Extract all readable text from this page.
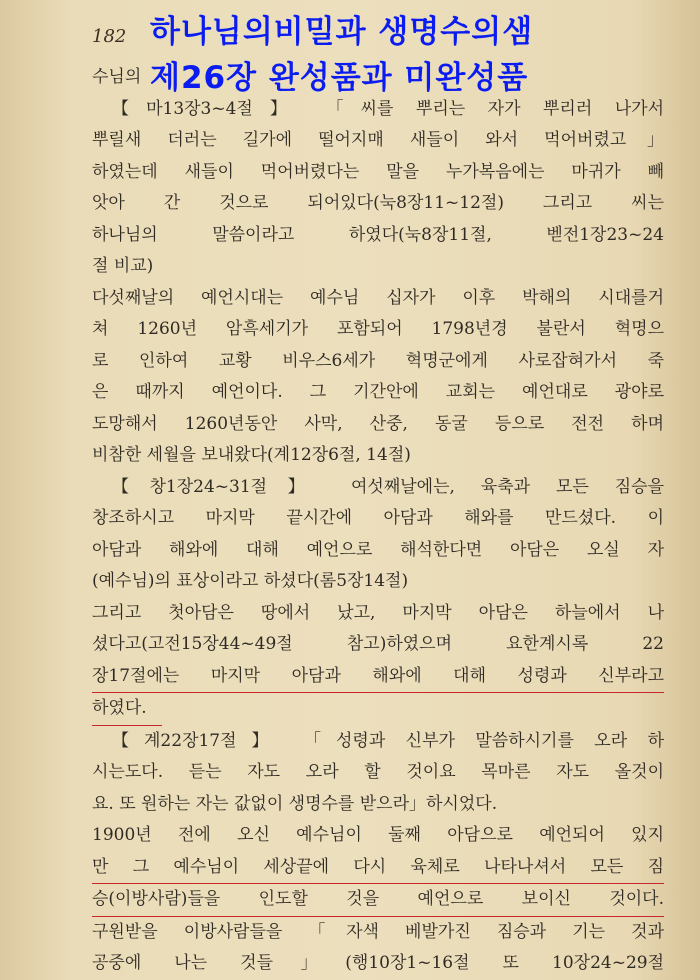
182 하나님의비밀과 생명수의샘
제26장 완성품과 미완성품
수님의
【마13장3~4절】 「씨를 뿌리는 자가 뿌리러 나가서
뿌릴새 더러는 길가에 떨어지매 새들이 와서 먹어버렸고」
하였는데 새들이 먹어버렸다는 말을 누가복음에는 마귀가 빼
앗아 간 것으로 되어있다(눅8장11~12절) 그리고 씨는
하나님의 말씀이라고 하였다(눅8장11절, 벧전1장23~24
절 비교)
다섯째날의 예언시대는 예수님 십자가 이후 박해의 시대를거
쳐 1260년 암흑세기가 포함되어 1798년경 불란서 혁명으
로 인하여 교황 비우스6세가 혁명군에게 사로잡혀가서 죽
은 때까지 예언이다. 그 기간안에 교회는 예언대로 광야로
도망해서 1260년동안 사막, 산중, 동굴 등으로 전전 하며
비참한 세월을 보내왔다(계12장6절, 14절)
【창1장24~31절】 여섯째날에는, 육축과 모든 짐승을
창조하시고 마지막 끝시간에 아담과 해와를 만드셨다. 이
아담과 해와에 대해 예언으로 해석한다면 아담은 오실 자
(예수님)의 표상이라고 하셨다(롬5장14절)
그리고 첫아담은 땅에서 났고, 마지막 아담은 하늘에서 나
셨다고(고전15장44~49절 참고)하였으며 요한계시록 22
장17절에는 마지막 아담과 해와에 대해 성령과 신부라고
하였다.
【계22장17절】 「성령과 신부가 말씀하시기를 오라 하
시는도다. 듣는 자도 오라 할 것이요 목마른 자도 올것이
요. 또 원하는 자는 값없이 생명수를 받으라」하시었다.
1900년 전에 오신 예수님이 둘째 아담으로 예언되어 있지
만 그 예수님이 세상끝에 다시 육체로 나타나셔서 모든 짐
승(이방사람)들을 인도할 것을 예언으로 보이신 것이다.
구원받을 이방사람들을 「자색 베발가진 짐승과 기는 것과
공중에 나는 것들」(행10장1~16절 또 10장24~29절
